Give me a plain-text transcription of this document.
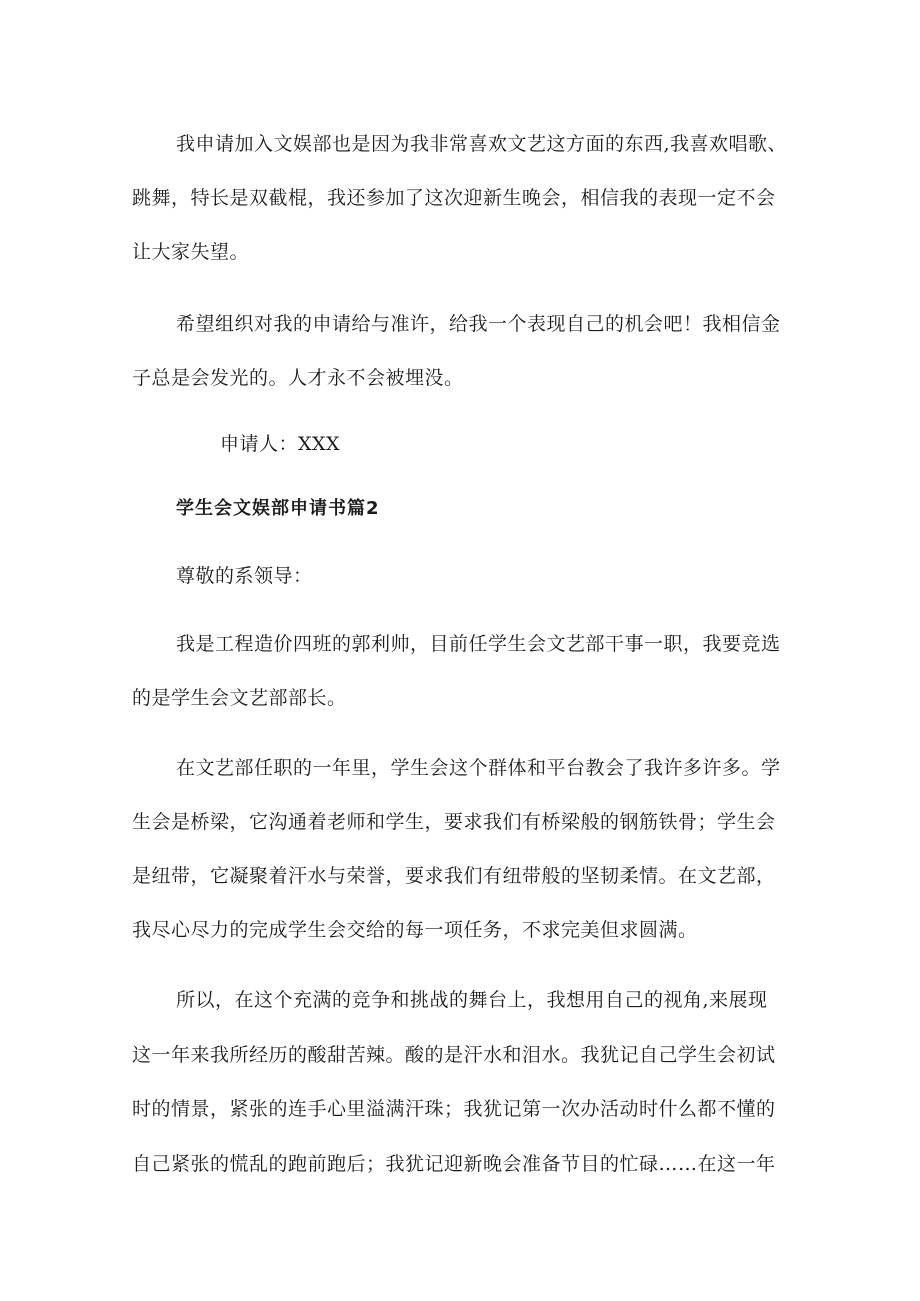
我申请加入文娱部也是因为我非常喜欢文艺这方面的东西,我喜欢唱歌、
跳舞，特长是双截棍，我还参加了这次迎新生晚会，相信我的表现一定不会
让大家失望。
希望组织对我的申请给与准许，给我一个表现自己的机会吧！我相信金
子总是会发光的。人才永不会被埋没。
申请人：XXX
学生会文娱部申请书篇2
尊敬的系领导：
我是工程造价四班的郭利帅，目前任学生会文艺部干事一职，我要竞选
的是学生会文艺部部长。
在文艺部任职的一年里，学生会这个群体和平台教会了我许多许多。学
生会是桥梁，它沟通着老师和学生，要求我们有桥梁般的钢筋铁骨；学生会
是纽带，它凝聚着汗水与荣誉，要求我们有纽带般的坚韧柔情。在文艺部，
我尽心尽力的完成学生会交给的每一项任务，不求完美但求圆满。
所以，在这个充满的竞争和挑战的舞台上，我想用自己的视角,来展现
这一年来我所经历的酸甜苦辣。酸的是汗水和泪水。我犹记自己学生会初试
时的情景，紧张的连手心里溢满汗珠；我犹记第一次办活动时什么都不懂的
自己紧张的慌乱的跑前跑后；我犹记迎新晚会准备节目的忙碌……在这一年
